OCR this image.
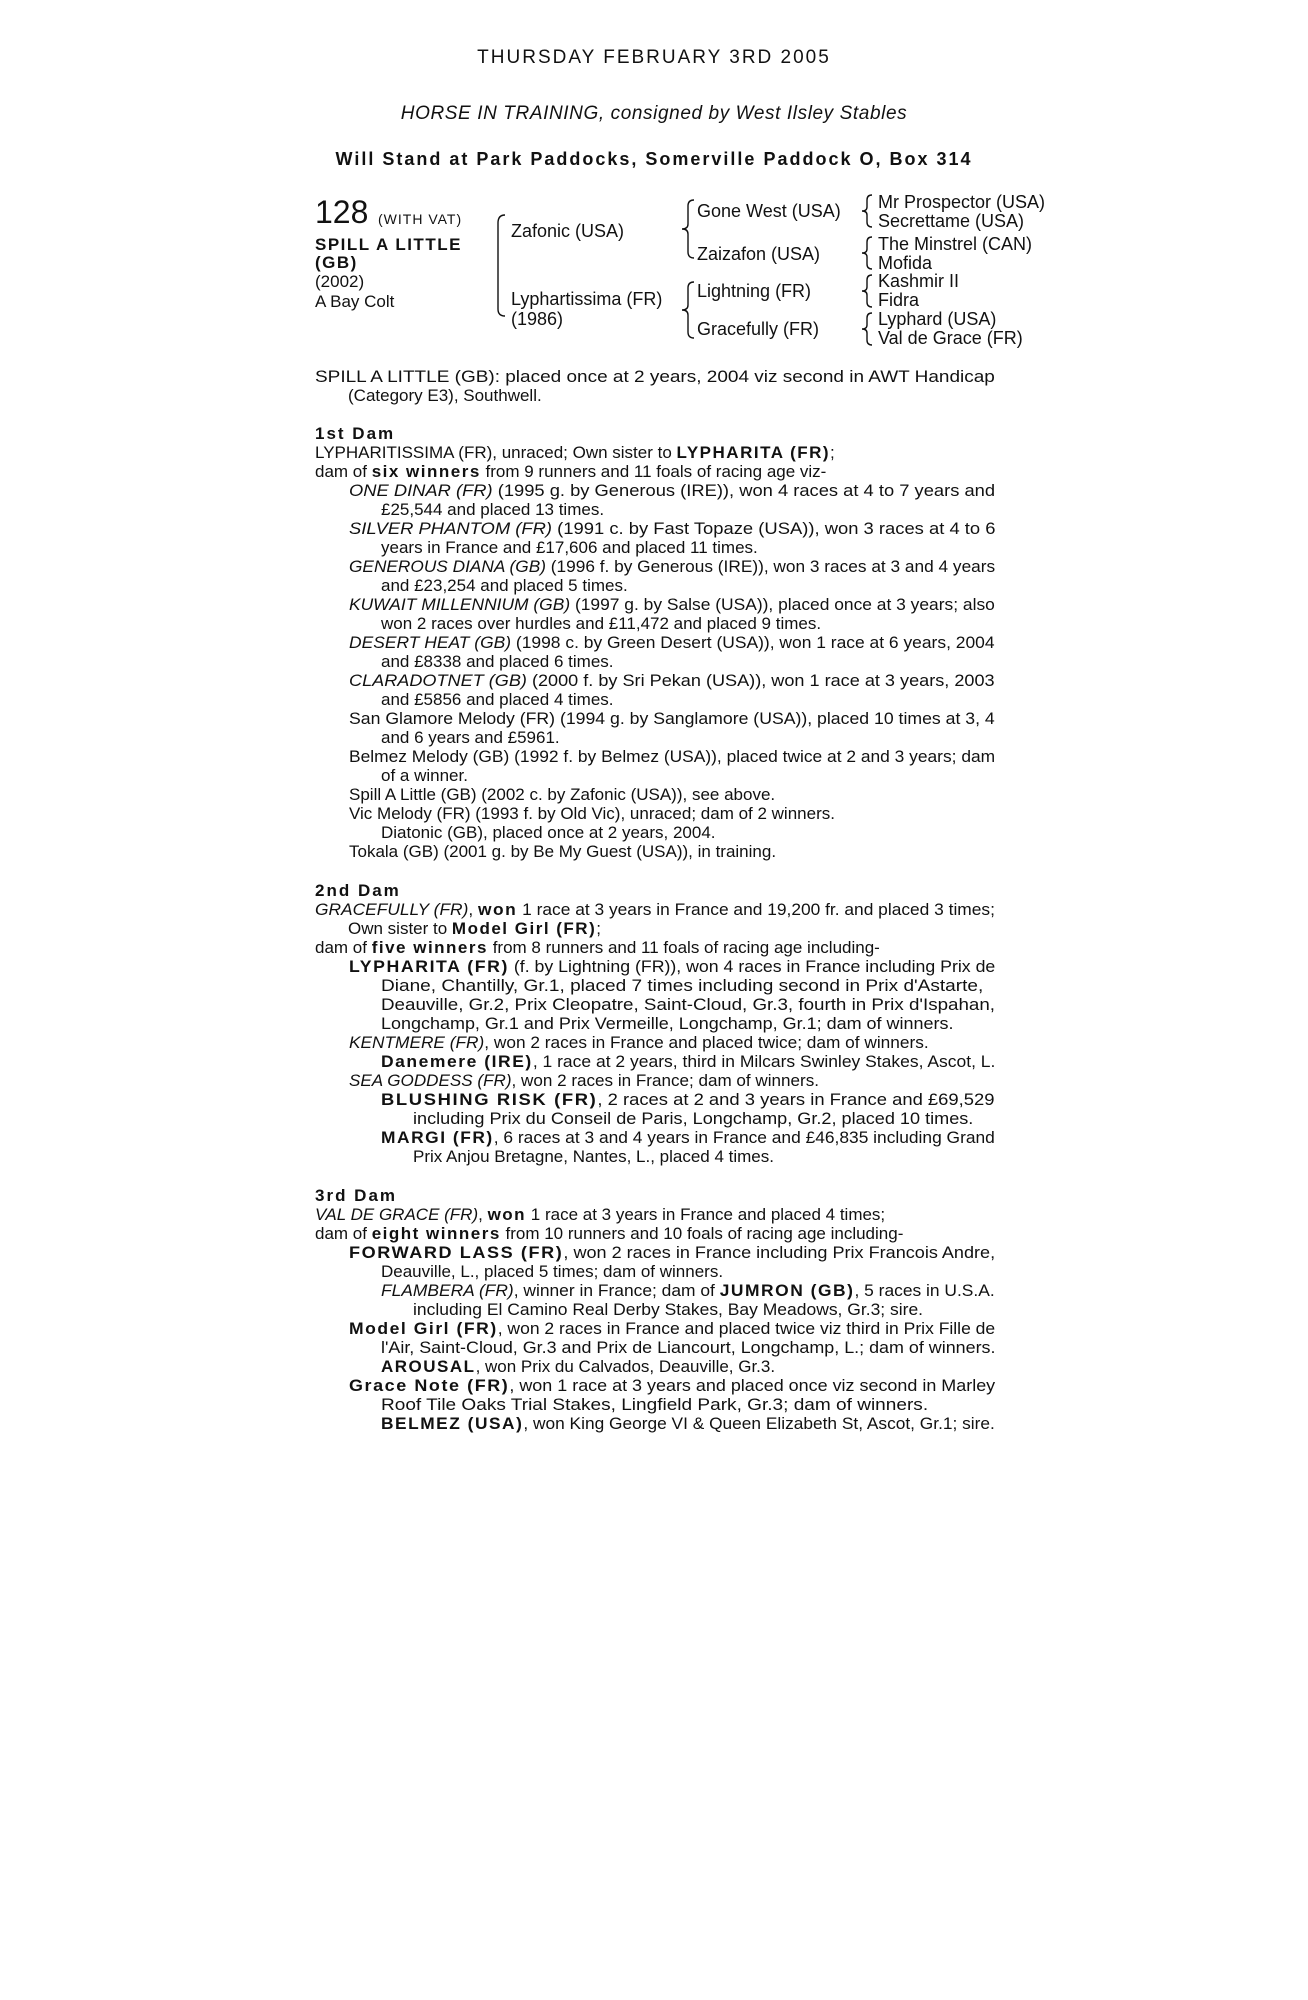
THURSDAY FEBRUARY 3RD 2005
HORSE IN TRAINING, consigned by West Ilsley Stables
Will Stand at Park Paddocks, Somerville Paddock O, Box 314
128 (WITH VAT)
SPILL A LITTLE
(GB)
(2002)
A Bay Colt
Zafonic (USA)
Lyphartissima (FR)
(1986)
Gone West (USA)
Zaizafon (USA)
Lightning (FR)
Gracefully (FR)
Mr Prospector (USA)
Secrettame (USA)
The Minstrel (CAN)
Mofida
Kashmir II
Fidra
Lyphard (USA)
Val de Grace (FR)
SPILL A LITTLE (GB): placed once at 2 years, 2004 viz second in AWT Handicap
(Category E3), Southwell.
1st Dam
LYPHARITISSIMA (FR), unraced; Own sister to LYPHARITA (FR);
dam of six winners from 9 runners and 11 foals of racing age viz-
ONE DINAR (FR) (1995 g. by Generous (IRE)), won 4 races at 4 to 7 years and
£25,544 and placed 13 times.
SILVER PHANTOM (FR) (1991 c. by Fast Topaze (USA)), won 3 races at 4 to 6
years in France and £17,606 and placed 11 times.
GENEROUS DIANA (GB) (1996 f. by Generous (IRE)), won 3 races at 3 and 4 years
and £23,254 and placed 5 times.
KUWAIT MILLENNIUM (GB) (1997 g. by Salse (USA)), placed once at 3 years; also
won 2 races over hurdles and £11,472 and placed 9 times.
DESERT HEAT (GB) (1998 c. by Green Desert (USA)), won 1 race at 6 years, 2004
and £8338 and placed 6 times.
CLARADOTNET (GB) (2000 f. by Sri Pekan (USA)), won 1 race at 3 years, 2003
and £5856 and placed 4 times.
San Glamore Melody (FR) (1994 g. by Sanglamore (USA)), placed 10 times at 3, 4
and 6 years and £5961.
Belmez Melody (GB) (1992 f. by Belmez (USA)), placed twice at 2 and 3 years; dam
of a winner.
Spill A Little (GB) (2002 c. by Zafonic (USA)), see above.
Vic Melody (FR) (1993 f. by Old Vic), unraced; dam of 2 winners.
Diatonic (GB), placed once at 2 years, 2004.
Tokala (GB) (2001 g. by Be My Guest (USA)), in training.
2nd Dam
GRACEFULLY (FR), won 1 race at 3 years in France and 19,200 fr. and placed 3 times;
Own sister to Model Girl (FR);
dam of five winners from 8 runners and 11 foals of racing age including-
LYPHARITA (FR) (f. by Lightning (FR)), won 4 races in France including Prix de
Diane, Chantilly, Gr.1, placed 7 times including second in Prix d'Astarte,
Deauville, Gr.2, Prix Cleopatre, Saint-Cloud, Gr.3, fourth in Prix d'Ispahan,
Longchamp, Gr.1 and Prix Vermeille, Longchamp, Gr.1; dam of winners.
KENTMERE (FR), won 2 races in France and placed twice; dam of winners.
Danemere (IRE), 1 race at 2 years, third in Milcars Swinley Stakes, Ascot, L.
SEA GODDESS (FR), won 2 races in France; dam of winners.
BLUSHING RISK (FR), 2 races at 2 and 3 years in France and £69,529
including Prix du Conseil de Paris, Longchamp, Gr.2, placed 10 times.
MARGI (FR), 6 races at 3 and 4 years in France and £46,835 including Grand
Prix Anjou Bretagne, Nantes, L., placed 4 times.
3rd Dam
VAL DE GRACE (FR), won 1 race at 3 years in France and placed 4 times;
dam of eight winners from 10 runners and 10 foals of racing age including-
FORWARD LASS (FR), won 2 races in France including Prix Francois Andre,
Deauville, L., placed 5 times; dam of winners.
FLAMBERA (FR), winner in France; dam of JUMRON (GB), 5 races in U.S.A.
including El Camino Real Derby Stakes, Bay Meadows, Gr.3; sire.
Model Girl (FR), won 2 races in France and placed twice viz third in Prix Fille de
l'Air, Saint-Cloud, Gr.3 and Prix de Liancourt, Longchamp, L.; dam of winners.
AROUSAL, won Prix du Calvados, Deauville, Gr.3.
Grace Note (FR), won 1 race at 3 years and placed once viz second in Marley
Roof Tile Oaks Trial Stakes, Lingfield Park, Gr.3; dam of winners.
BELMEZ (USA), won King George VI & Queen Elizabeth St, Ascot, Gr.1; sire.
